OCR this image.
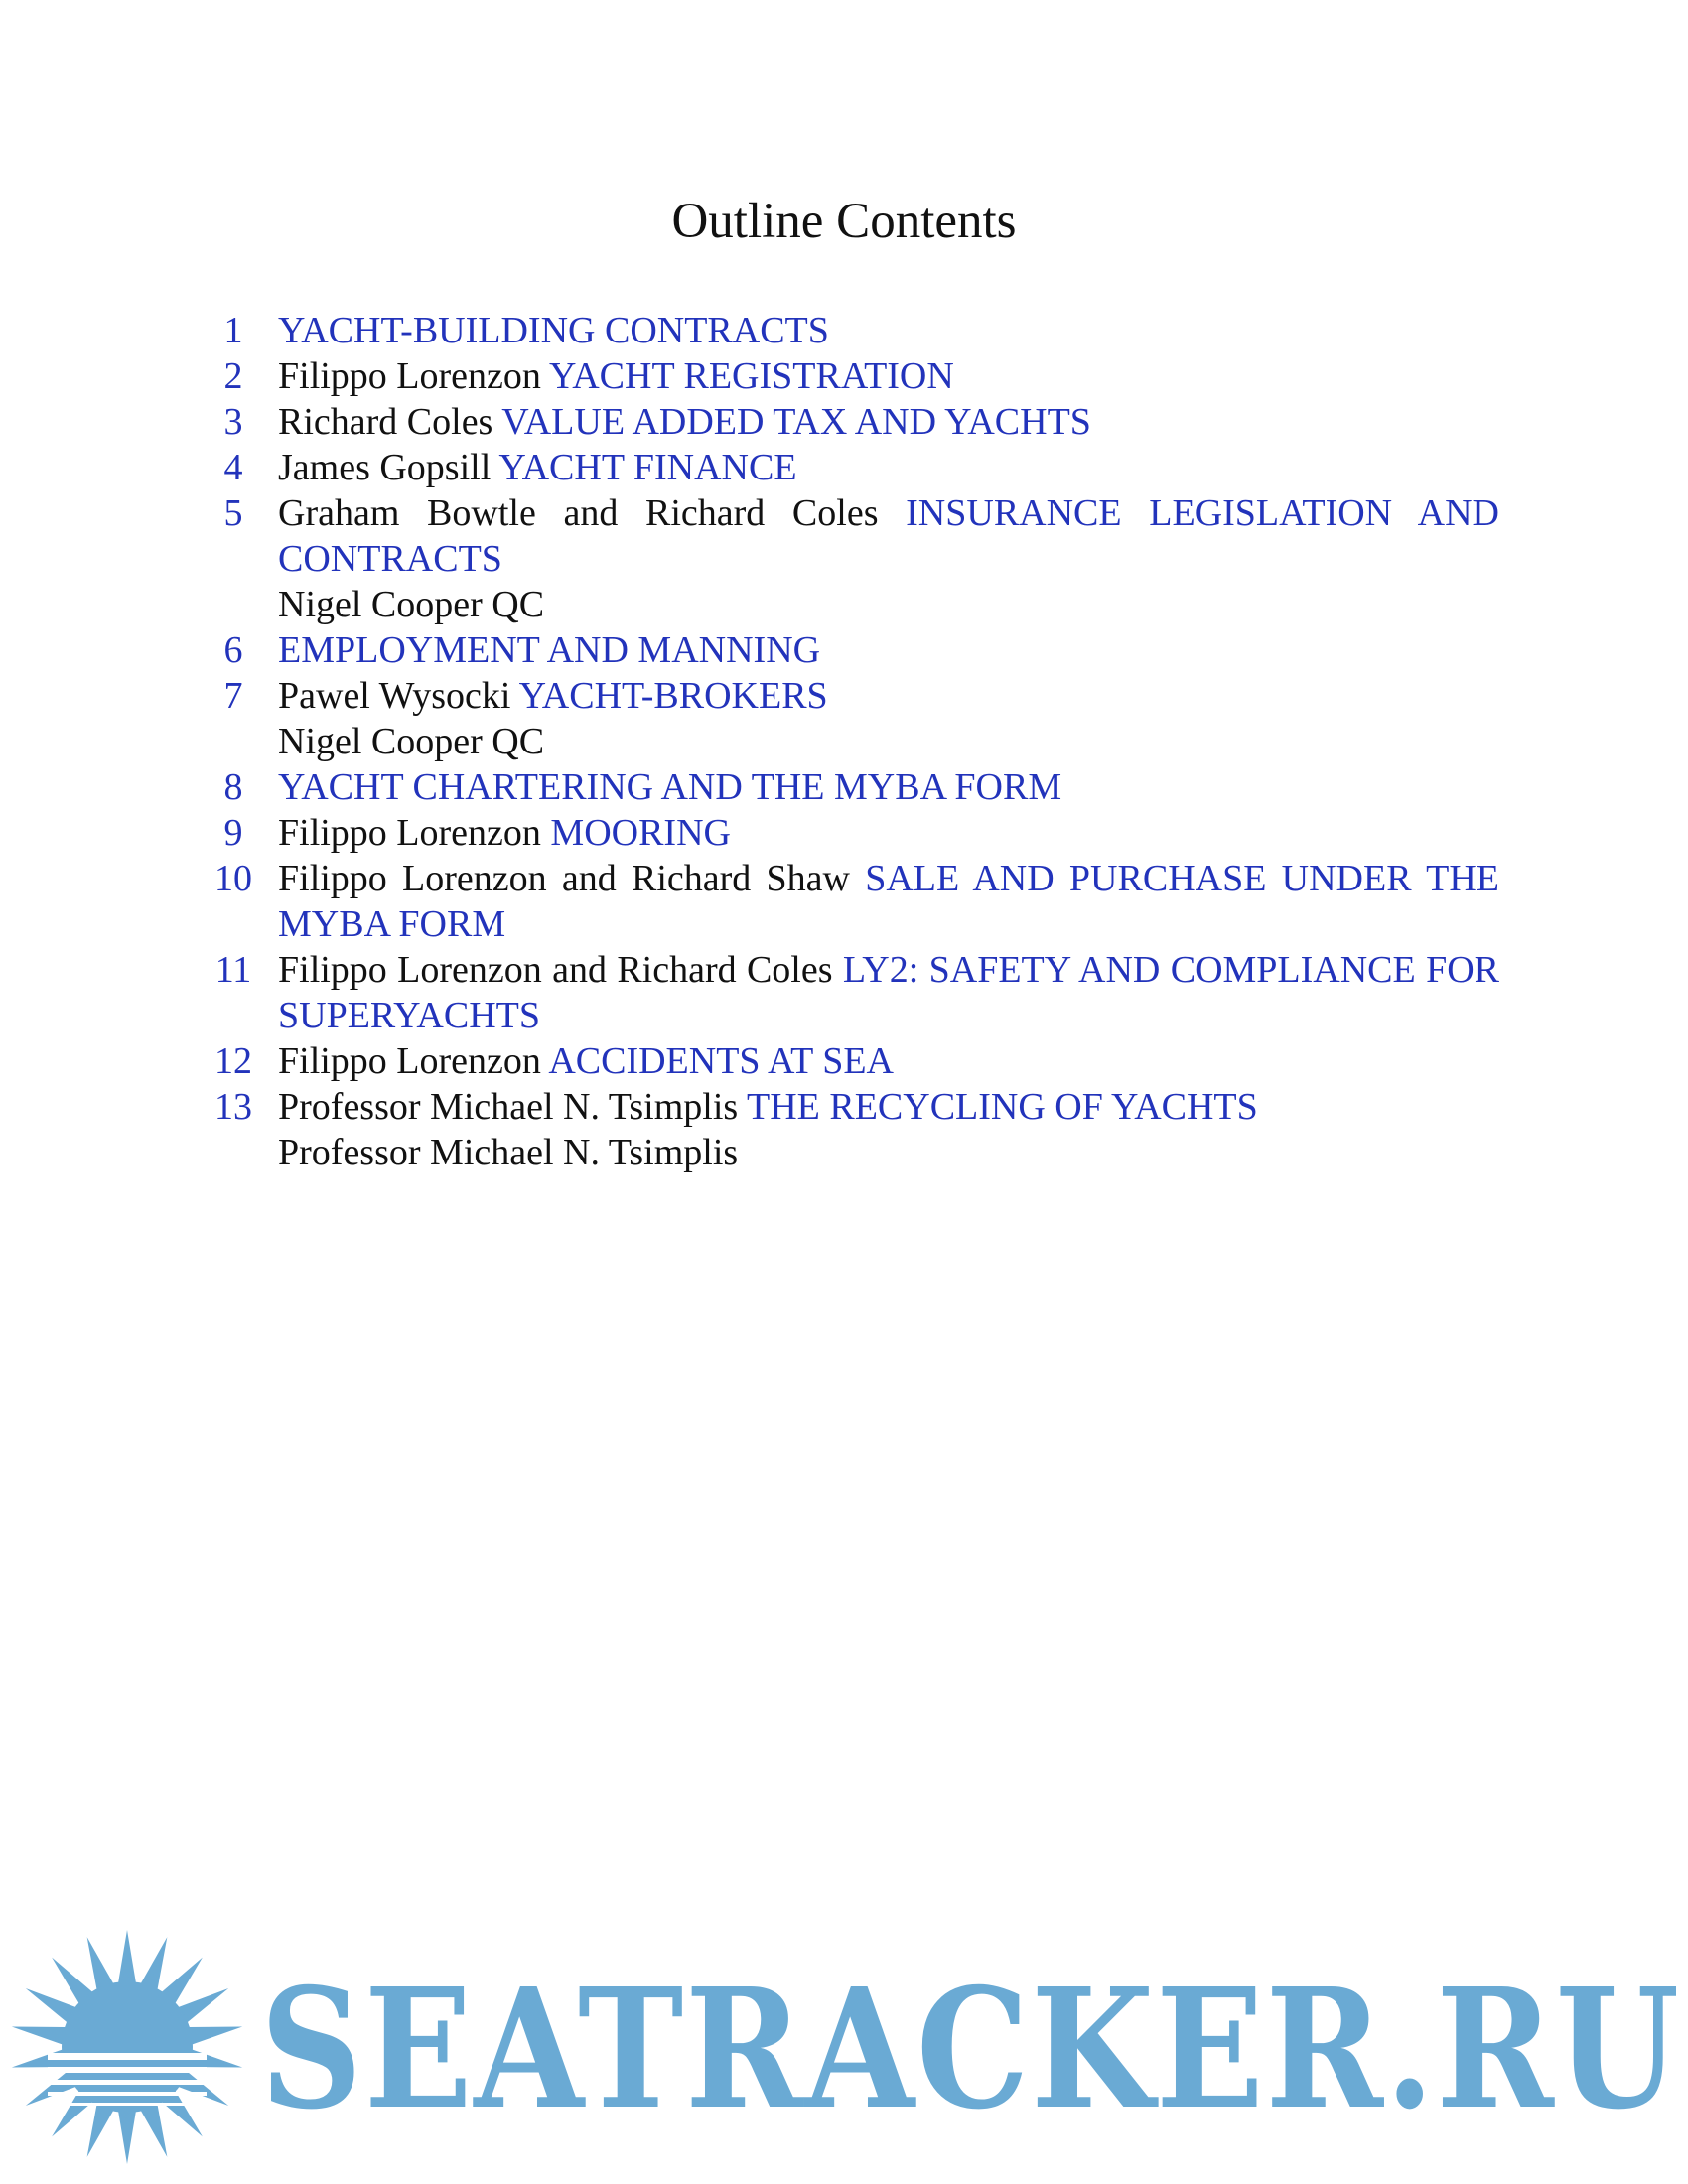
Outline Contents
1 YACHT-BUILDING CONTRACTS
2 Filippo Lorenzon YACHT REGISTRATION
3 Richard Coles VALUE ADDED TAX AND YACHTS
4 James Gopsill YACHT FINANCE
5 Graham Bowtle and Richard Coles INSURANCE LEGISLATION AND CONTRACTS
Nigel Cooper QC
6 EMPLOYMENT AND MANNING
7 Pawel Wysocki YACHT-BROKERS
Nigel Cooper QC
8 YACHT CHARTERING AND THE MYBA FORM
9 Filippo Lorenzon MOORING
10 Filippo Lorenzon and Richard Shaw SALE AND PURCHASE UNDER THE MYBA FORM
11 Filippo Lorenzon and Richard Coles LY2: SAFETY AND COMPLIANCE FOR SUPERYACHTS
12 Filippo Lorenzon ACCIDENTS AT SEA
13 Professor Michael N. Tsimplis THE RECYCLING OF YACHTS
Professor Michael N. Tsimplis
SEATRACKER.RU
